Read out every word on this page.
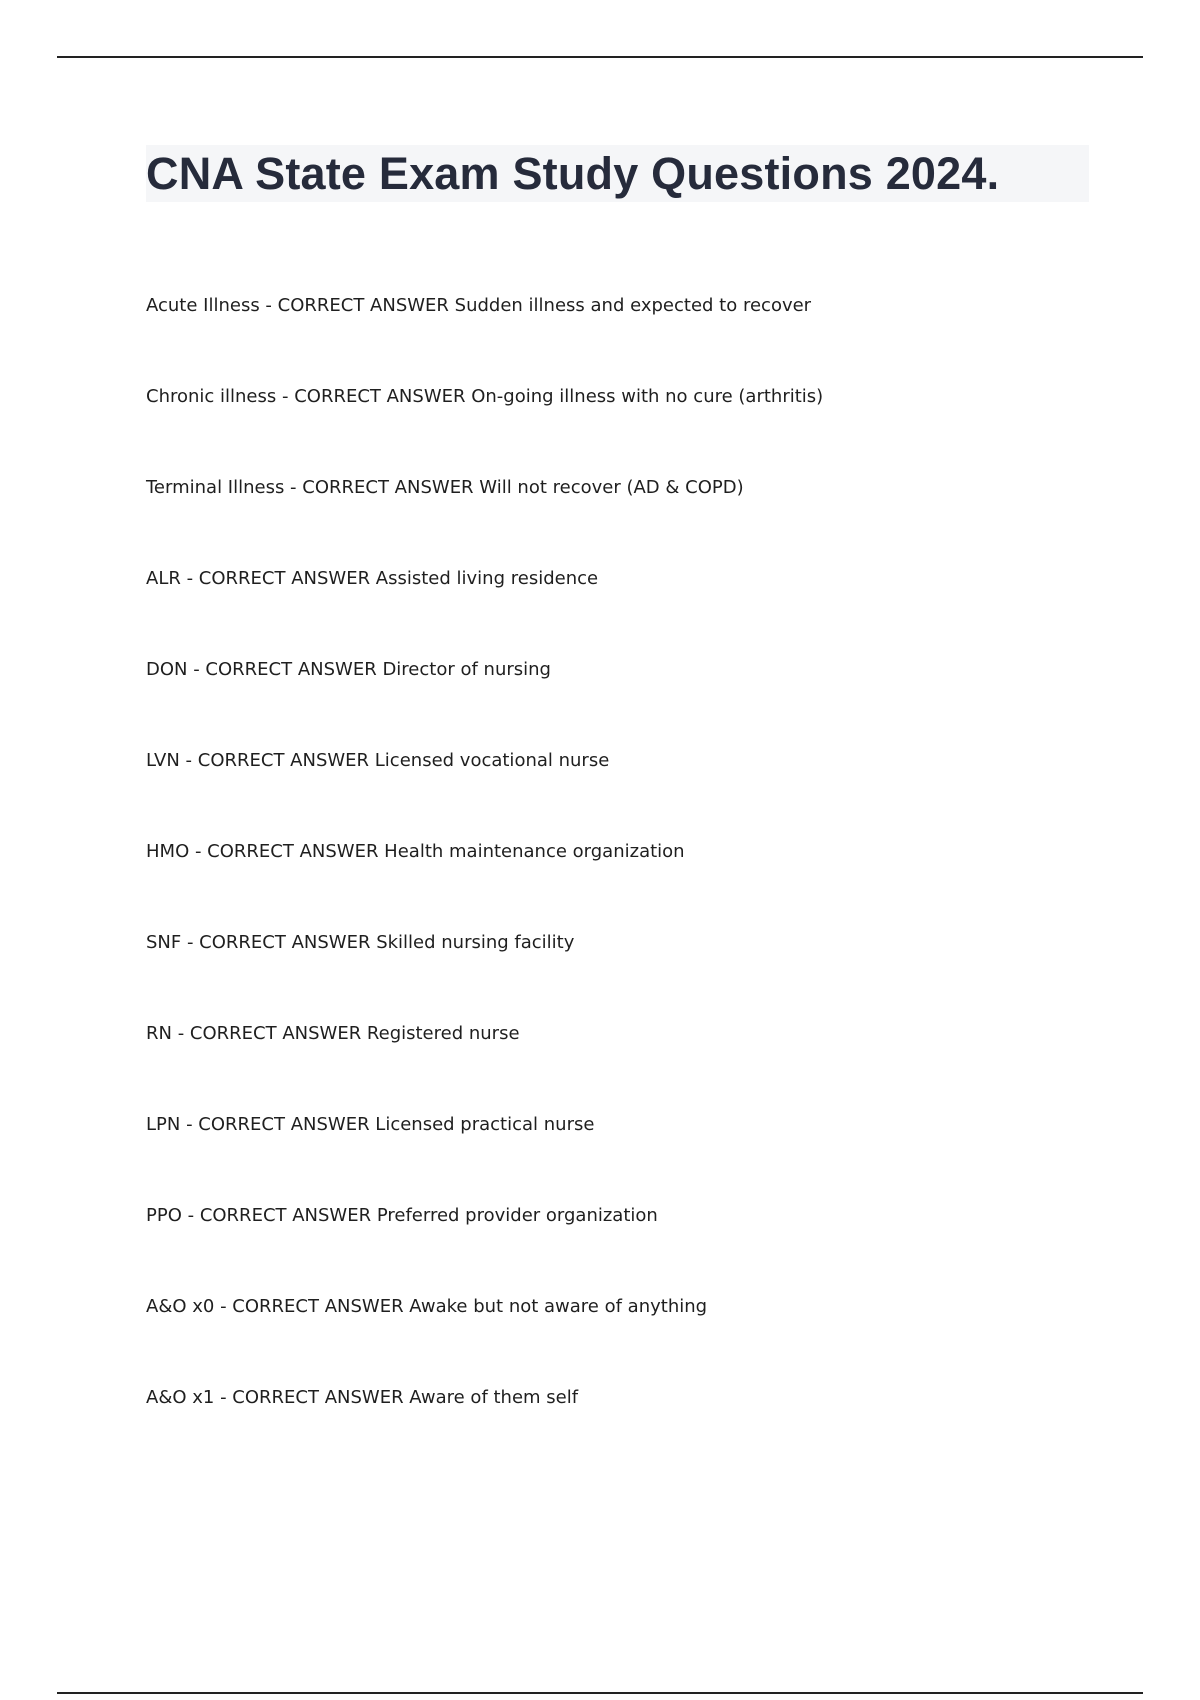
CNA State Exam Study Questions 2024.
Acute Illness - CORRECT ANSWER Sudden illness and expected to recover
Chronic illness - CORRECT ANSWER On-going illness with no cure (arthritis)
Terminal Illness - CORRECT ANSWER Will not recover (AD & COPD)
ALR - CORRECT ANSWER Assisted living residence
DON - CORRECT ANSWER Director of nursing
LVN - CORRECT ANSWER Licensed vocational nurse
HMO - CORRECT ANSWER Health maintenance organization
SNF - CORRECT ANSWER Skilled nursing facility
RN - CORRECT ANSWER Registered nurse
LPN - CORRECT ANSWER Licensed practical nurse
PPO - CORRECT ANSWER Preferred provider organization
A&O x0 - CORRECT ANSWER Awake but not aware of anything
A&O x1 - CORRECT ANSWER Aware of them self
